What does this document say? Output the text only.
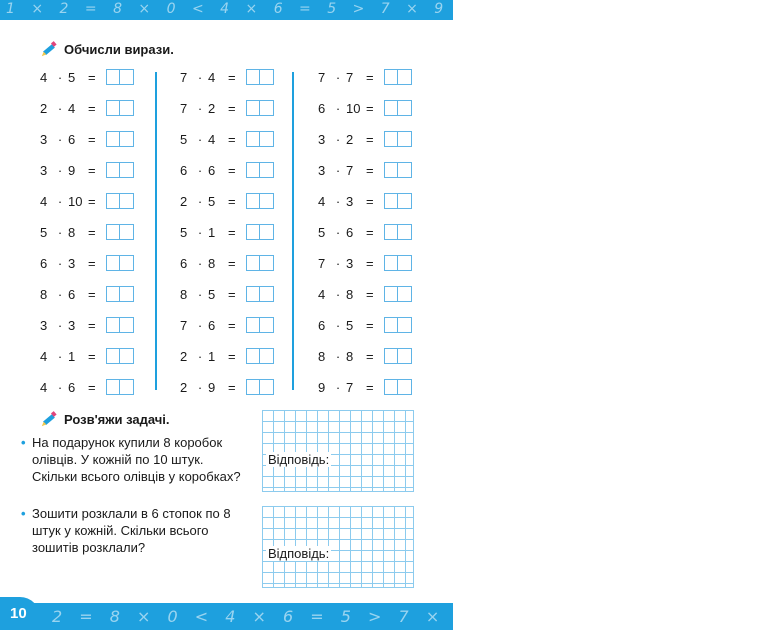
1 × 2 = 8 × 0 < 4 × 6 = 5 > 7 × 9 = 1 < 2 × 6 = 8 × 3
Обчисли вирази.
4 · 5 =
2 · 4 =
3 · 6 =
3 · 9 =
4 · 10 =
5 · 8 =
6 · 3 =
8 · 6 =
3 · 3 =
4 · 1 =
4 · 6 =
7 · 4 =
7 · 2 =
5 · 4 =
6 · 6 =
2 · 5 =
5 · 1 =
6 · 8 =
8 · 5 =
7 · 6 =
2 · 1 =
2 · 9 =
7 · 7 =
6 · 10 =
3 · 2 =
3 · 7 =
4 · 3 =
5 · 6 =
7 · 3 =
4 · 8 =
6 · 5 =
8 · 8 =
9 · 7 =
Розв'яжи задачі.
• На подарунок купили 8 коробок олівців. У кожній по 10 штук. Скільки всього олівців у коробках?
Відповідь:
• Зошити розклали в 6 стопок по 8 штук у кожній. Скільки всього зошитів розклали?	Відповідь:
2 = 8 × 0 < 4 × 6 = 5 > 7 × 9 = 1 < 2 × 6 = 8 × 3
10
